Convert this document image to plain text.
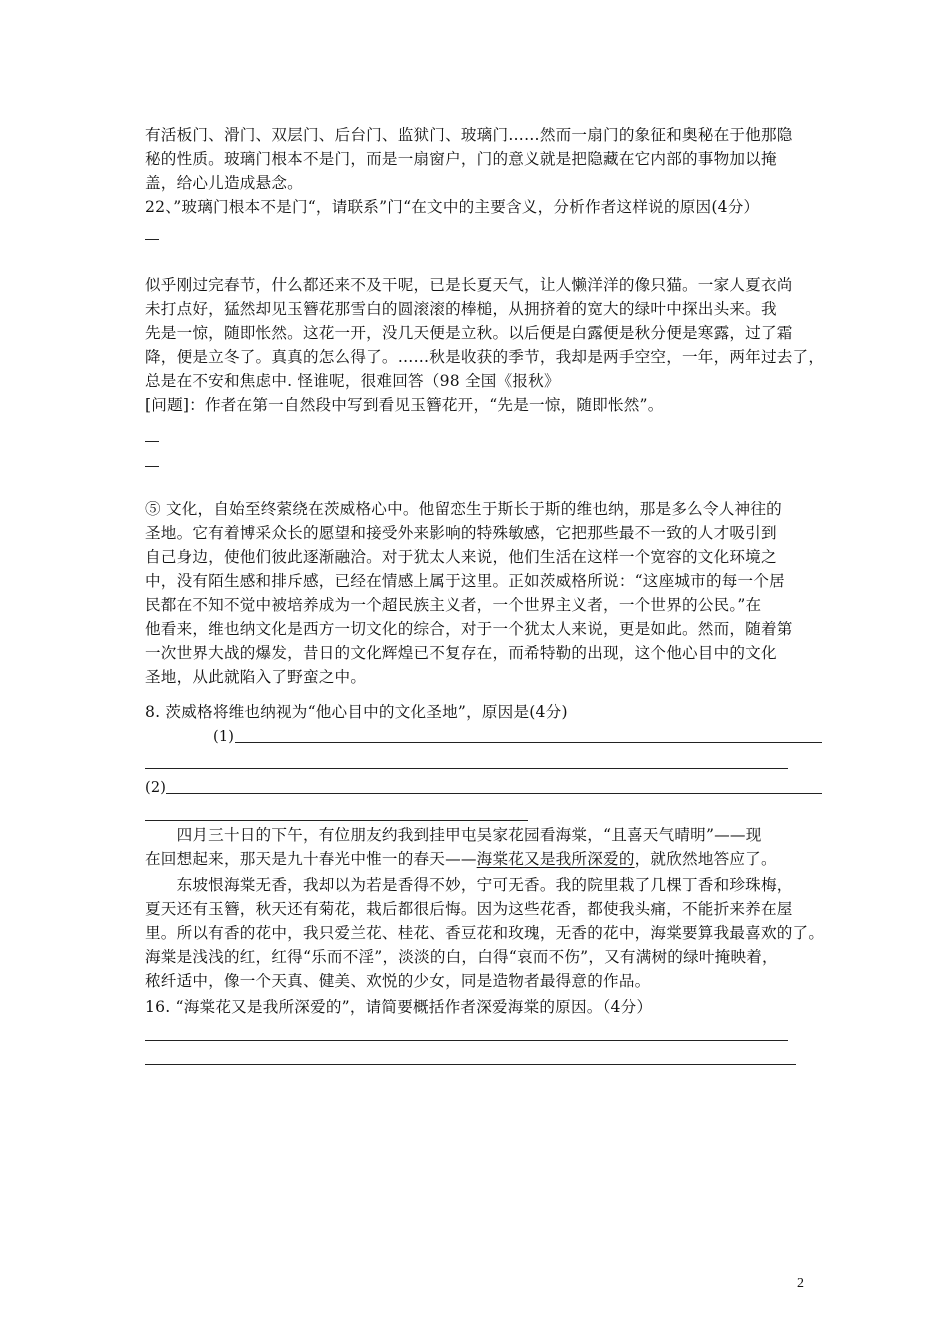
有活板门、滑门、双层门、后台门、监狱门、玻璃门……然而一扇门的象征和奥秘在于他那隐
秘的性质。玻璃门根本不是门，而是一扇窗户，门的意义就是把隐藏在它内部的事物加以掩
盖，给心儿造成悬念。
22、”玻璃门根本不是门“，请联系”门“在文中的主要含义，分析作者这样说的原因(4分）
似乎刚过完春节，什么都还来不及干呢，已是长夏天气，让人懒洋洋的像只猫。一家人夏衣尚
未打点好，猛然却见玉簪花那雪白的圆滚滚的棒槌，从拥挤着的宽大的绿叶中探出头来。我
先是一惊，随即怅然。这花一开，没几天便是立秋。以后便是白露便是秋分便是寒露，过了霜
降，便是立冬了。真真的怎么得了。……秋是收获的季节，我却是两手空空，一年，两年过去了，
总是在不安和焦虑中. 怪谁呢，很难回答（98 全国《报秋》
[问题]：作者在第一自然段中写到看见玉簪花开，“先是一惊，随即怅然”。
⑤ 文化，自始至终萦绕在茨威格心中。他留恋生于斯长于斯的维也纳，那是多么令人神往的
圣地。它有着博采众长的愿望和接受外来影响的特殊敏感，它把那些最不一致的人才吸引到
自己身边，使他们彼此逐渐融洽。对于犹太人来说，他们生活在这样一个宽容的文化环境之
中，没有陌生感和排斥感，已经在情感上属于这里。正如茨威格所说：“这座城市的每一个居
民都在不知不觉中被培养成为一个超民族主义者，一个世界主义者，一个世界的公民。”在
他看来，维也纳文化是西方一切文化的综合，对于一个犹太人来说，更是如此。然而，随着第
一次世界大战的爆发，昔日的文化辉煌已不复存在，而希特勒的出现，这个他心目中的文化
圣地，从此就陷入了野蛮之中。
8. 茨威格将维也纳视为“他心目中的文化圣地”，原因是(4分)
(1)
(2)
　　四月三十日的下午，有位朋友约我到挂甲屯吴家花园看海棠，“且喜天气晴明”——现
在回想起来，那天是九十春光中惟一的春天——海棠花又是我所深爱的，就欣然地答应了。
　　东坡恨海棠无香，我却以为若是香得不妙，宁可无香。我的院里栽了几棵丁香和珍珠梅，
夏天还有玉簪，秋天还有菊花，栽后都很后悔。因为这些花香，都使我头痛，不能折来养在屋
里。所以有香的花中，我只爱兰花、桂花、香豆花和玫瑰，无香的花中，海棠要算我最喜欢的了。
海棠是浅浅的红，红得“乐而不淫”，淡淡的白，白得“哀而不伤”，又有满树的绿叶掩映着，
秾纤适中，像一个天真、健美、欢悦的少女，同是造物者最得意的作品。
16. “海棠花又是我所深爱的”，请简要概括作者深爱海棠的原因。（4分）
2
